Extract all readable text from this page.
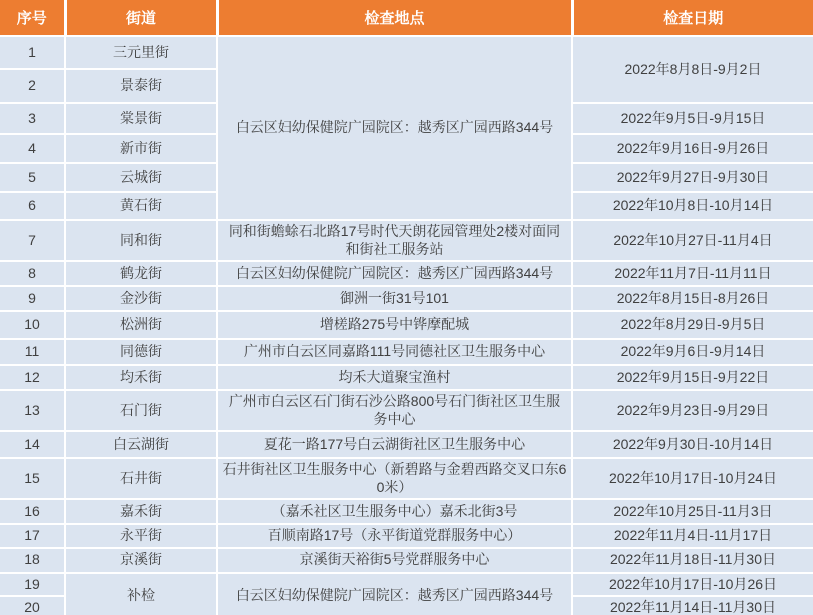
序号	街道	检查地点	检查日期
1	三元里街	白云区妇幼保健院广园院区：越秀区广园西路344号	2022年8月8日-9月2日
2	景泰街		
3	棠景街		2022年9月5日-9月15日
4	新市街		2022年9月16日-9月26日
5	云城街		2022年9月27日-9月30日
6	黄石街		2022年10月8日-10月14日
7	同和街	同和街蟾蜍石北路17号时代天朗花园管理处2楼对面同和街社工服务站	2022年10月27日-11月4日
8	鹤龙街	白云区妇幼保健院广园院区：越秀区广园西路344号	2022年11月7日-11月11日
9	金沙街	御洲一街31号101	2022年8月15日-8月26日
10	松洲街	增槎路275号中铧摩配城	2022年8月29日-9月5日
11	同德街	广州市白云区同嘉路111号同德社区卫生服务中心	2022年9月6日-9月14日
12	均禾街	均禾大道聚宝渔村	2022年9月15日-9月22日
13	石门街	广州市白云区石门街石沙公路800号石门街社区卫生服务中心	2022年9月23日-9月29日
14	白云湖街	夏花一路177号白云湖街社区卫生服务中心	2022年9月30日-10月14日
15	石井街	石井街社区卫生服务中心（新碧路与金碧西路交叉口东60米）	2022年10月17日-10月24日
16	嘉禾街	（嘉禾社区卫生服务中心）嘉禾北街3号	2022年10月25日-11月3日
17	永平街	百顺南路17号（永平街道党群服务中心）	2022年11月4日-11月17日
18	京溪街	京溪街天裕街5号党群服务中心	2022年11月18日-11月30日
19	补检	白云区妇幼保健院广园院区：越秀区广园西路344号	2022年10月17日-10月26日
20			2022年11月14日-11月30日
